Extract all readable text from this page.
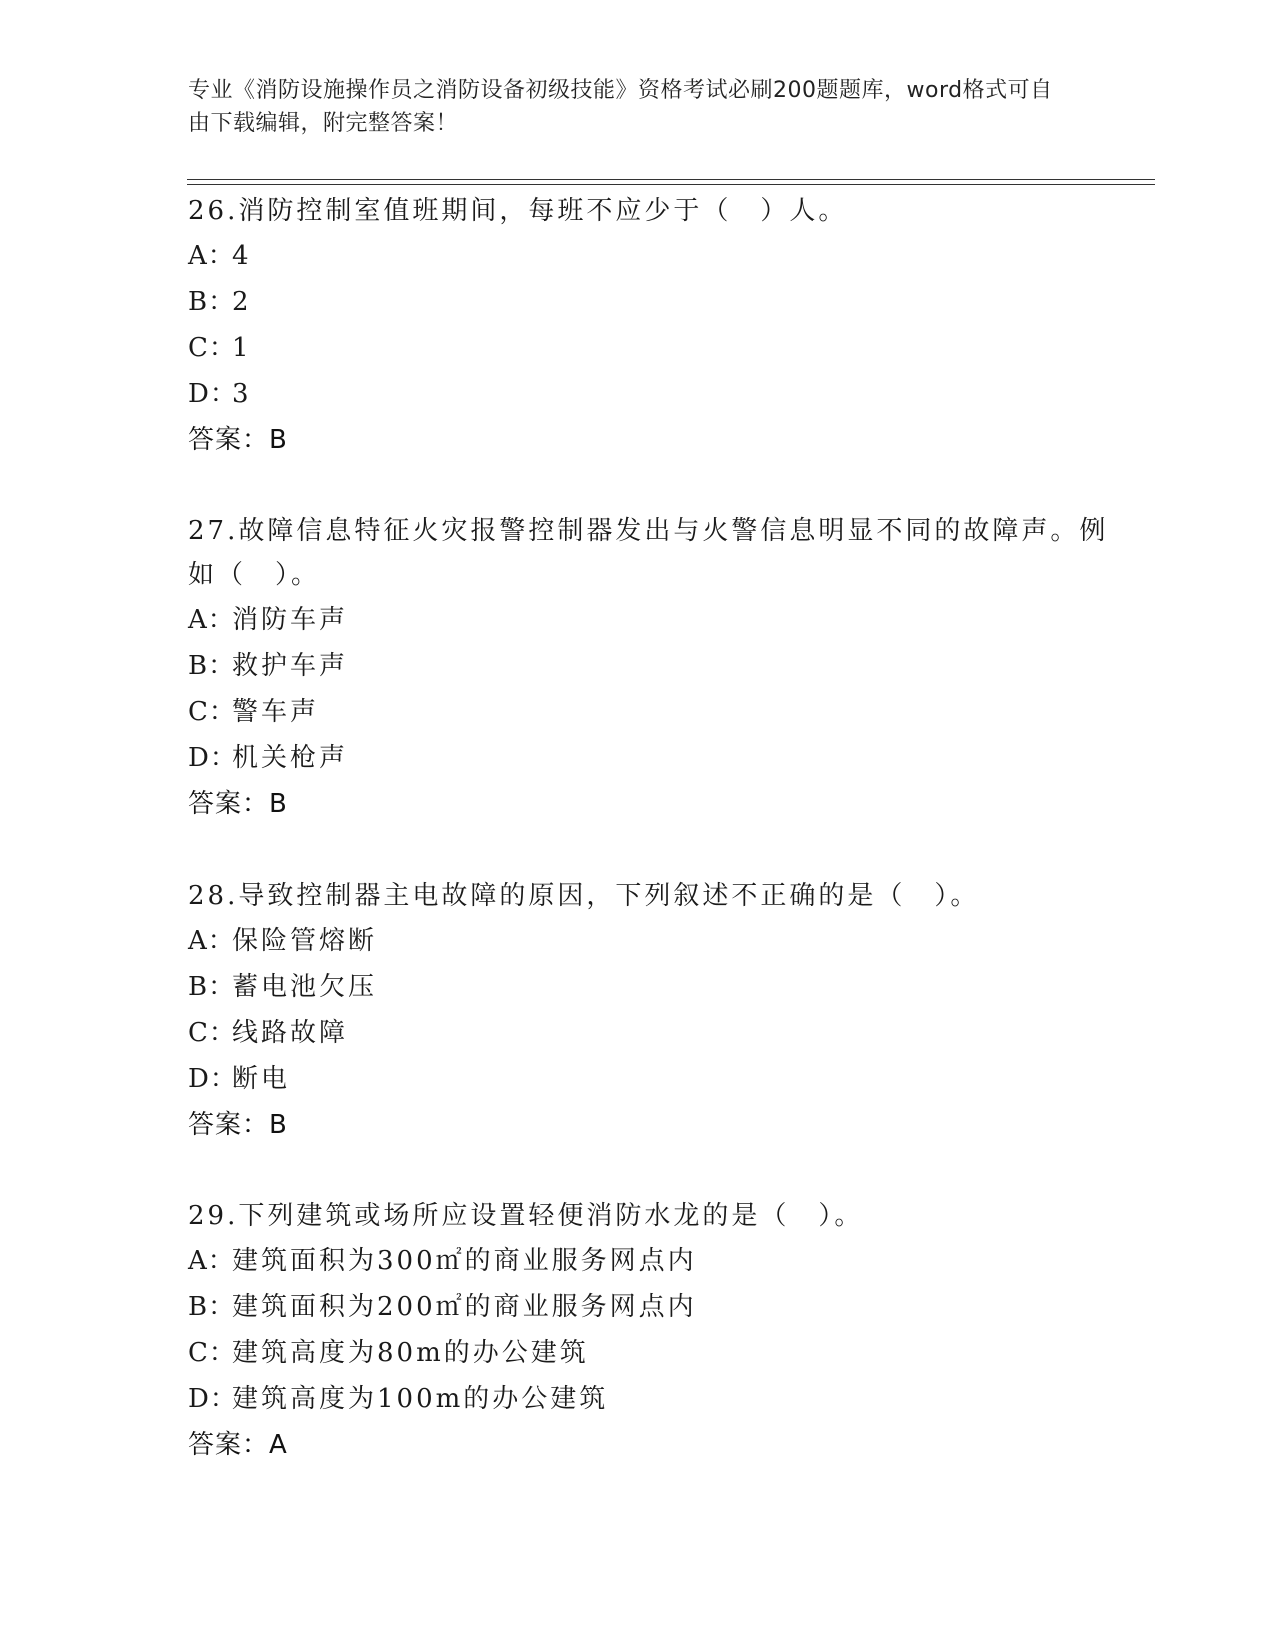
专业《消防设施操作员之消防设备初级技能》资格考试必刷200题题库，word格式可自由下载编辑，附完整答案！
26.消防控制室值班期间，每班不应少于（　）人。
A：4
B：2
C：1
D：3
答案：B
27.故障信息特征火灾报警控制器发出与火警信息明显不同的故障声。例如（　）。
A：消防车声
B：救护车声
C：警车声
D：机关枪声
答案：B
28.导致控制器主电故障的原因，下列叙述不正确的是（　）。
A：保险管熔断
B：蓄电池欠压
C：线路故障
D：断电
答案：B
29.下列建筑或场所应设置轻便消防水龙的是（　）。
A：建筑面积为300㎡的商业服务网点内
B：建筑面积为200㎡的商业服务网点内
C：建筑高度为80m的办公建筑
D：建筑高度为100m的办公建筑
答案：A
